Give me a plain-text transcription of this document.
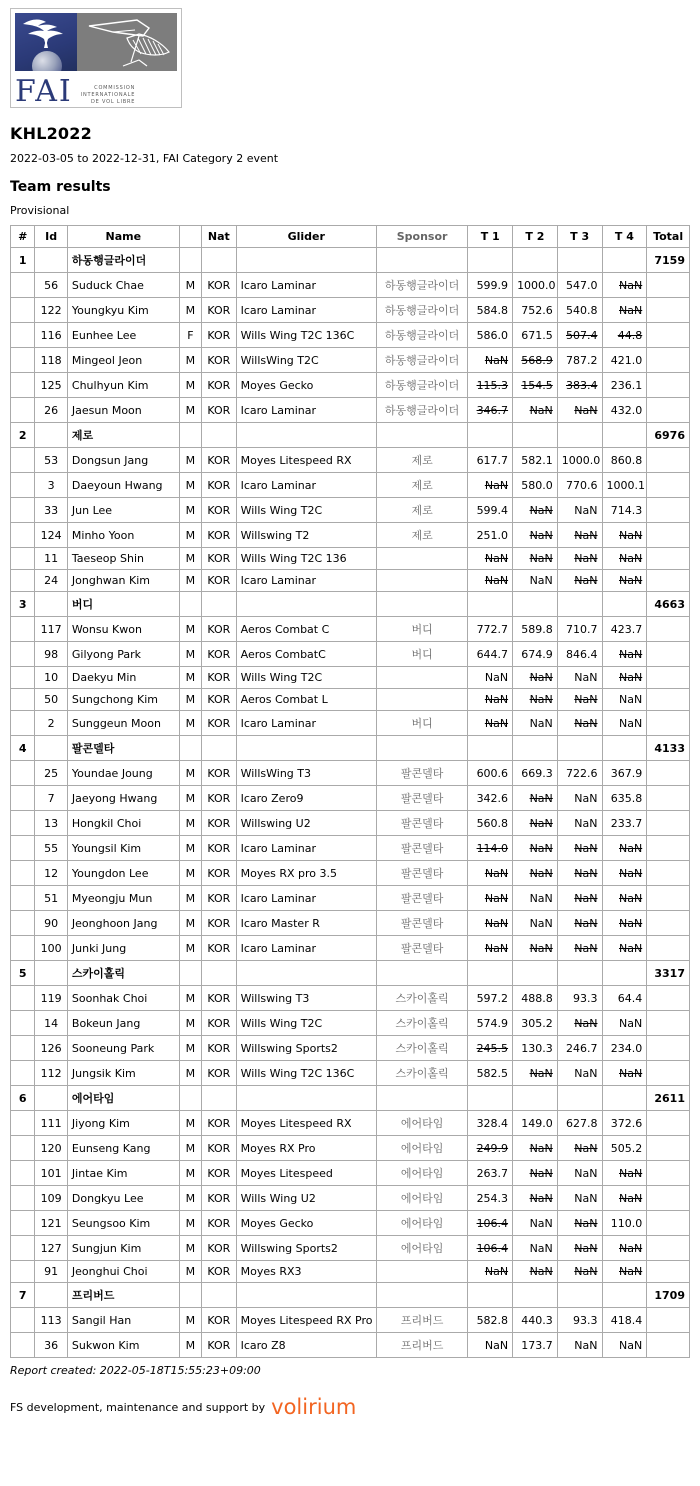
FAI	COMMISSION
INTERNATIONALE
DE VOL LIBRE
KHL2022

2022-03-05 to 2022-12-31, FAI Category 2 event

Team results

Provisional

#	Id	Name		Nat	Glider	Sponsor	T 1	T 2	T 3	T 4	Total
1		하동행글라이더									7159
	56	Suduck Chae	M	KOR	Icaro Laminar	하동행글라이더	599.9	1000.0	547.0	NaN	
	122	Youngkyu Kim	M	KOR	Icaro Laminar	하동행글라이더	584.8	752.6	540.8	NaN	
	116	Eunhee Lee	F	KOR	Wills Wing T2C 136C	하동행글라이더	586.0	671.5	507.4	44.8	
	118	Mingeol Jeon	M	KOR	WillsWing T2C	하동행글라이더	NaN	568.9	787.2	421.0	
	125	Chulhyun Kim	M	KOR	Moyes Gecko	하동행글라이더	115.3	154.5	383.4	236.1	
	26	Jaesun Moon	M	KOR	Icaro Laminar	하동행글라이더	346.7	NaN	NaN	432.0	
2		제로									6976
	53	Dongsun Jang	M	KOR	Moyes Litespeed RX	제로	617.7	582.1	1000.0	860.8	
	3	Daeyoun Hwang	M	KOR	Icaro Laminar	제로	NaN	580.0	770.6	1000.1	
	33	Jun Lee	M	KOR	Wills Wing T2C	제로	599.4	NaN	NaN	714.3	
	124	Minho Yoon	M	KOR	Willswing T2	제로	251.0	NaN	NaN	NaN	
	11	Taeseop Shin	M	KOR	Wills Wing T2C 136		NaN	NaN	NaN	NaN	
	24	Jonghwan Kim	M	KOR	Icaro Laminar		NaN	NaN	NaN	NaN	
3		버디									4663
	117	Wonsu Kwon	M	KOR	Aeros Combat C	버디	772.7	589.8	710.7	423.7	
	98	Gilyong Park	M	KOR	Aeros CombatC	버디	644.7	674.9	846.4	NaN	
	10	Daekyu Min	M	KOR	Wills Wing T2C		NaN	NaN	NaN	NaN	
	50	Sungchong Kim	M	KOR	Aeros Combat L		NaN	NaN	NaN	NaN	
	2	Sunggeun Moon	M	KOR	Icaro Laminar	버디	NaN	NaN	NaN	NaN	
4		팔콘델타									4133
	25	Youndae Joung	M	KOR	WillsWing T3	팔콘델타	600.6	669.3	722.6	367.9	
	7	Jaeyong Hwang	M	KOR	Icaro Zero9	팔콘델타	342.6	NaN	NaN	635.8	
	13	Hongkil Choi	M	KOR	Willswing U2	팔콘델타	560.8	NaN	NaN	233.7	
	55	Youngsil Kim	M	KOR	Icaro Laminar	팔콘델타	114.0	NaN	NaN	NaN	
	12	Youngdon Lee	M	KOR	Moyes RX pro 3.5	팔콘델타	NaN	NaN	NaN	NaN	
	51	Myeongju Mun	M	KOR	Icaro Laminar	팔콘델타	NaN	NaN	NaN	NaN	
	90	Jeonghoon Jang	M	KOR	Icaro Master R	팔콘델타	NaN	NaN	NaN	NaN	
	100	Junki Jung	M	KOR	Icaro Laminar	팔콘델타	NaN	NaN	NaN	NaN	
5		스카이홀릭									3317
	119	Soonhak Choi	M	KOR	Willswing T3	스카이홀릭	597.2	488.8	93.3	64.4	
	14	Bokeun Jang	M	KOR	Wills Wing T2C	스카이홀릭	574.9	305.2	NaN	NaN	
	126	Sooneung Park	M	KOR	Willswing Sports2	스카이홀릭	245.5	130.3	246.7	234.0	
	112	Jungsik Kim	M	KOR	Wills Wing T2C 136C	스카이홀릭	582.5	NaN	NaN	NaN	
6		에어타임									2611
	111	Jiyong Kim	M	KOR	Moyes Litespeed RX	에어타임	328.4	149.0	627.8	372.6	
	120	Eunseng Kang	M	KOR	Moyes RX Pro	에어타임	249.9	NaN	NaN	505.2	
	101	Jintae Kim	M	KOR	Moyes Litespeed	에어타임	263.7	NaN	NaN	NaN	
	109	Dongkyu Lee	M	KOR	Wills Wing U2	에어타임	254.3	NaN	NaN	NaN	
	121	Seungsoo Kim	M	KOR	Moyes Gecko	에어타임	106.4	NaN	NaN	110.0	
	127	Sungjun Kim	M	KOR	Willswing Sports2	에어타임	106.4	NaN	NaN	NaN	
	91	Jeonghui Choi	M	KOR	Moyes RX3		NaN	NaN	NaN	NaN	
7		프리버드									1709
	113	Sangil Han	M	KOR	Moyes Litespeed RX Pro	프리버드	582.8	440.3	93.3	418.4	
	36	Sukwon Kim	M	KOR	Icaro Z8	프리버드	NaN	173.7	NaN	NaN	

Report created: 2022-05-18T15:55:23+09:00

FS development, maintenance and support by volirium
